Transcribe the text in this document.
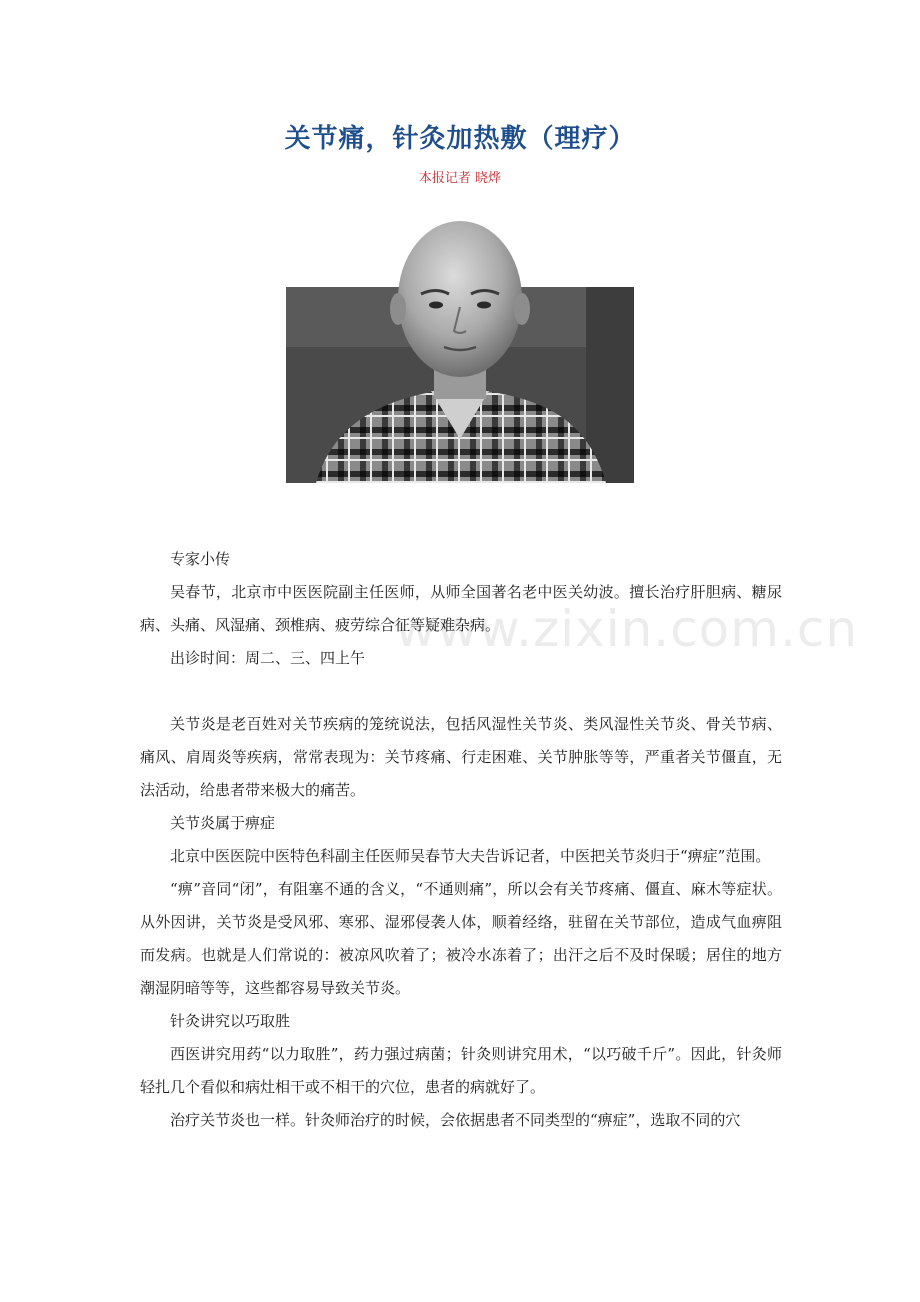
关节痛，针灸加热敷（理疗）
本报记者 晓烨
www.zixin.com.cn

专家小传

吴春节，北京市中医医院副主任医师，从师全国著名老中医关幼波。擅长治疗肝胆病、糖尿病、头痛、风湿痛、颈椎病、疲劳综合征等疑难杂病。

出诊时间：周二、三、四上午

关节炎是老百姓对关节疾病的笼统说法，包括风湿性关节炎、类风湿性关节炎、骨关节病、痛风、肩周炎等疾病，常常表现为：关节疼痛、行走困难、关节肿胀等等，严重者关节僵直，无法活动，给患者带来极大的痛苦。

关节炎属于痹症

北京中医医院中医特色科副主任医师吴春节大夫告诉记者，中医把关节炎归于“痹症”范围。

“痹”音同“闭”，有阻塞不通的含义，“不通则痛”，所以会有关节疼痛、僵直、麻木等症状。从外因讲，关节炎是受风邪、寒邪、湿邪侵袭人体，顺着经络，驻留在关节部位，造成气血痹阻而发病。也就是人们常说的：被凉风吹着了；被冷水冻着了；出汗之后不及时保暖；居住的地方潮湿阴暗等等，这些都容易导致关节炎。

针灸讲究以巧取胜

西医讲究用药“以力取胜”，药力强过病菌；针灸则讲究用术，“以巧破千斤”。因此，针灸师轻扎几个看似和病灶相干或不相干的穴位，患者的病就好了。

治疗关节炎也一样。针灸师治疗的时候，会依据患者不同类型的“痹症”，选取不同的穴
